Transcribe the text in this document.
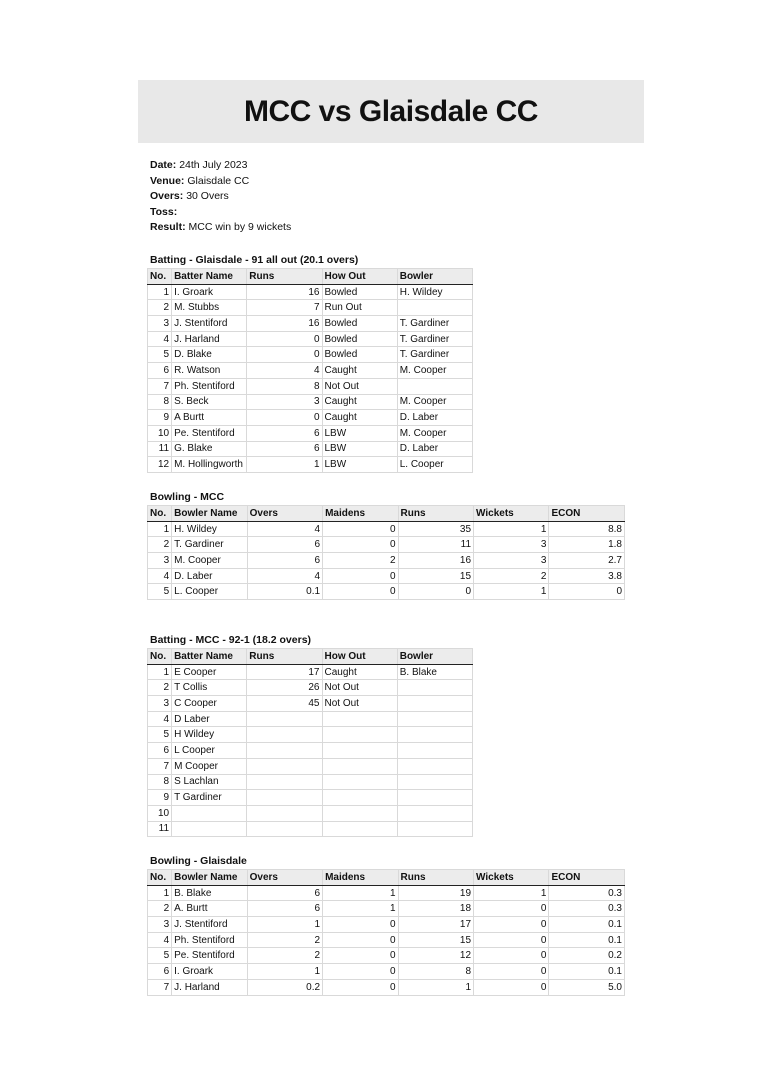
MCC vs Glaisdale CC
Date: 24th July 2023
Venue: Glaisdale CC
Overs: 30 Overs
Toss:
Result: MCC win by 9 wickets
Batting - Glaisdale - 91 all out (20.1 overs)
No.	Batter Name	Runs	How Out	Bowler
1	I. Groark	16	Bowled	H. Wildey
2	M. Stubbs	7	Run Out	
3	J. Stentiford	16	Bowled	T. Gardiner
4	J. Harland	0	Bowled	T. Gardiner
5	D. Blake	0	Bowled	T. Gardiner
6	R. Watson	4	Caught	M. Cooper
7	Ph. Stentiford	8	Not Out	
8	S. Beck	3	Caught	M. Cooper
9	A Burtt	0	Caught	D. Laber
10	Pe. Stentiford	6	LBW	M. Cooper
11	G. Blake	6	LBW	D. Laber
12	M. Hollingworth	1	LBW	L. Cooper
Bowling - MCC
No.	Bowler Name	Overs	Maidens	Runs	Wickets	ECON
1	H. Wildey	4	0	35	1	8.8
2	T. Gardiner	6	0	11	3	1.8
3	M. Cooper	6	2	16	3	2.7
4	D. Laber	4	0	15	2	3.8
5	L. Cooper	0.1	0	0	1	0
Batting - MCC - 92-1 (18.2 overs)
No.	Batter Name	Runs	How Out	Bowler
1	E Cooper	17	Caught	B. Blake
2	T Collis	26	Not Out	
3	C Cooper	45	Not Out	
4	D Laber			
5	H Wildey			
6	L Cooper			
7	M Cooper			
8	S Lachlan			
9	T Gardiner			
10				
11				
Bowling - Glaisdale
No.	Bowler Name	Overs	Maidens	Runs	Wickets	ECON
1	B. Blake	6	1	19	1	0.3
2	A. Burtt	6	1	18	0	0.3
3	J. Stentiford	1	0	17	0	0.1
4	Ph. Stentiford	2	0	15	0	0.1
5	Pe. Stentiford	2	0	12	0	0.2
6	I. Groark	1	0	8	0	0.1
7	J. Harland	0.2	0	1	0	5.0
